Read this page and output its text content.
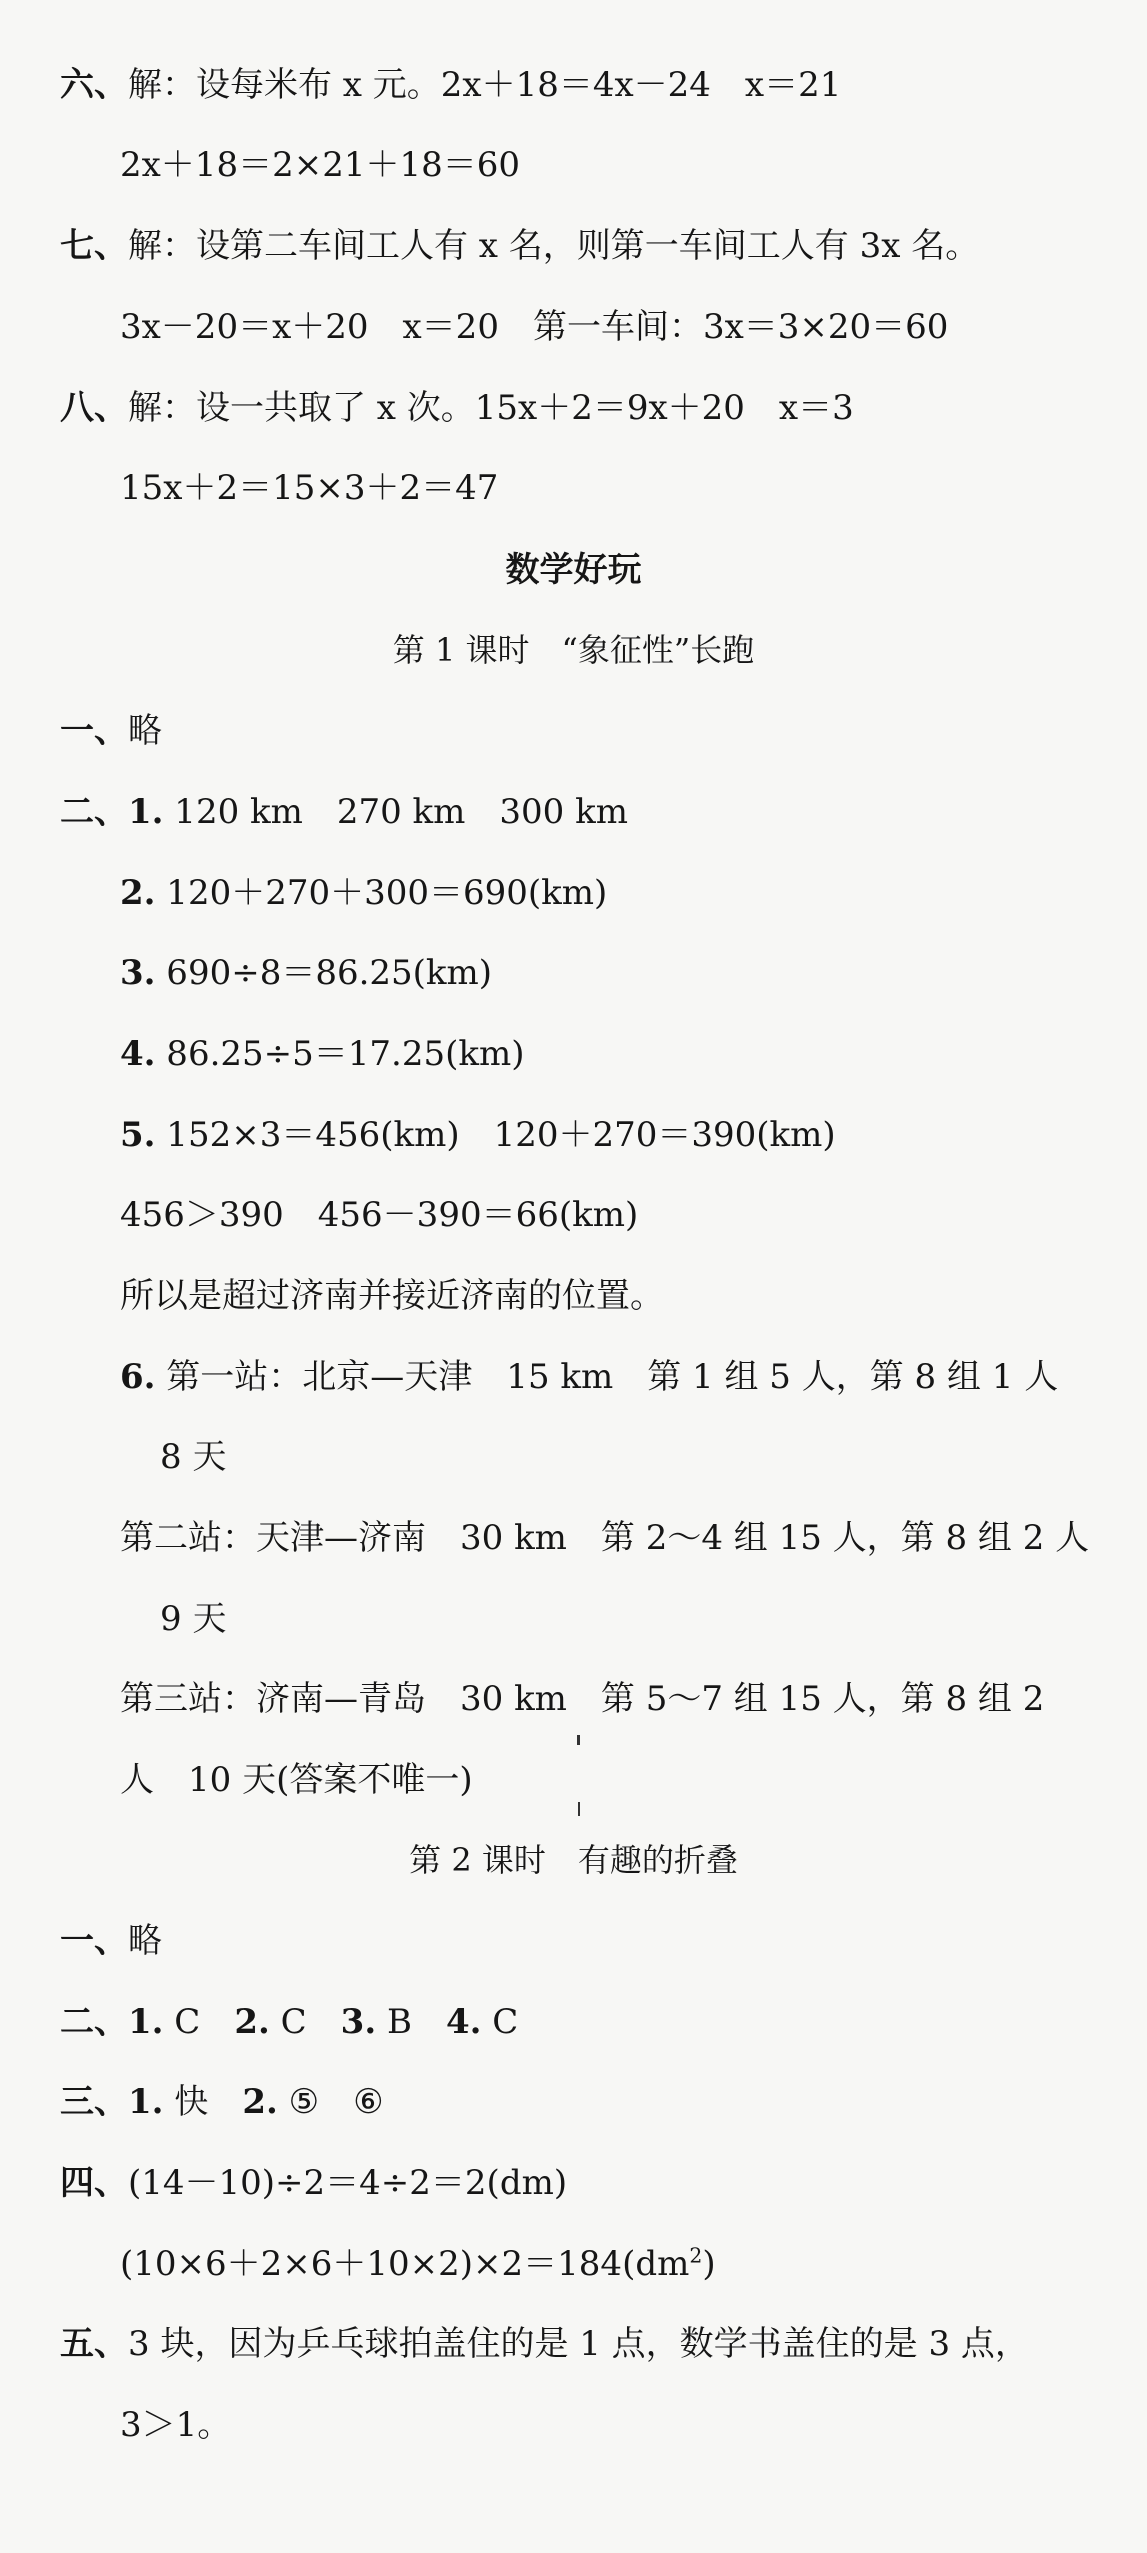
六、解：设每米布 x 元。2x＋18＝4x－24　x＝21
2x＋18＝2×21＋18＝60
七、解：设第二车间工人有 x 名，则第一车间工人有 3x 名。
3x－20＝x＋20　x＝20　第一车间：3x＝3×20＝60
八、解：设一共取了 x 次。15x＋2＝9x＋20　x＝3
15x＋2＝15×3＋2＝47
数学好玩
第 1 课时　“象征性”长跑
一、略
二、1. 120 km　270 km　300 km
2. 120＋270＋300＝690(km)
3. 690÷8＝86.25(km)
4. 86.25÷5＝17.25(km)
5. 152×3＝456(km)　120＋270＝390(km)
456＞390　456－390＝66(km)
所以是超过济南并接近济南的位置。
6. 第一站：北京—天津　15 km　第 1 组 5 人，第 8 组 1 人
8 天
第二站：天津—济南　30 km　第 2～4 组 15 人，第 8 组 2 人
9 天
第三站：济南—青岛　30 km　第 5～7 组 15 人，第 8 组 2
人　10 天(答案不唯一)
第 2 课时　有趣的折叠
一、略
二、1. C　2. C　3. B　4. C
三、1. 快　2. ⑤　⑥
四、(14－10)÷2＝4÷2＝2(dm)
$(10\times 6+2\times 6+10\times 2)\times 2=184(dm^2)$
五、3 块，因为乒乓球拍盖住的是 1 点，数学书盖住的是 3 点，
3＞1。
